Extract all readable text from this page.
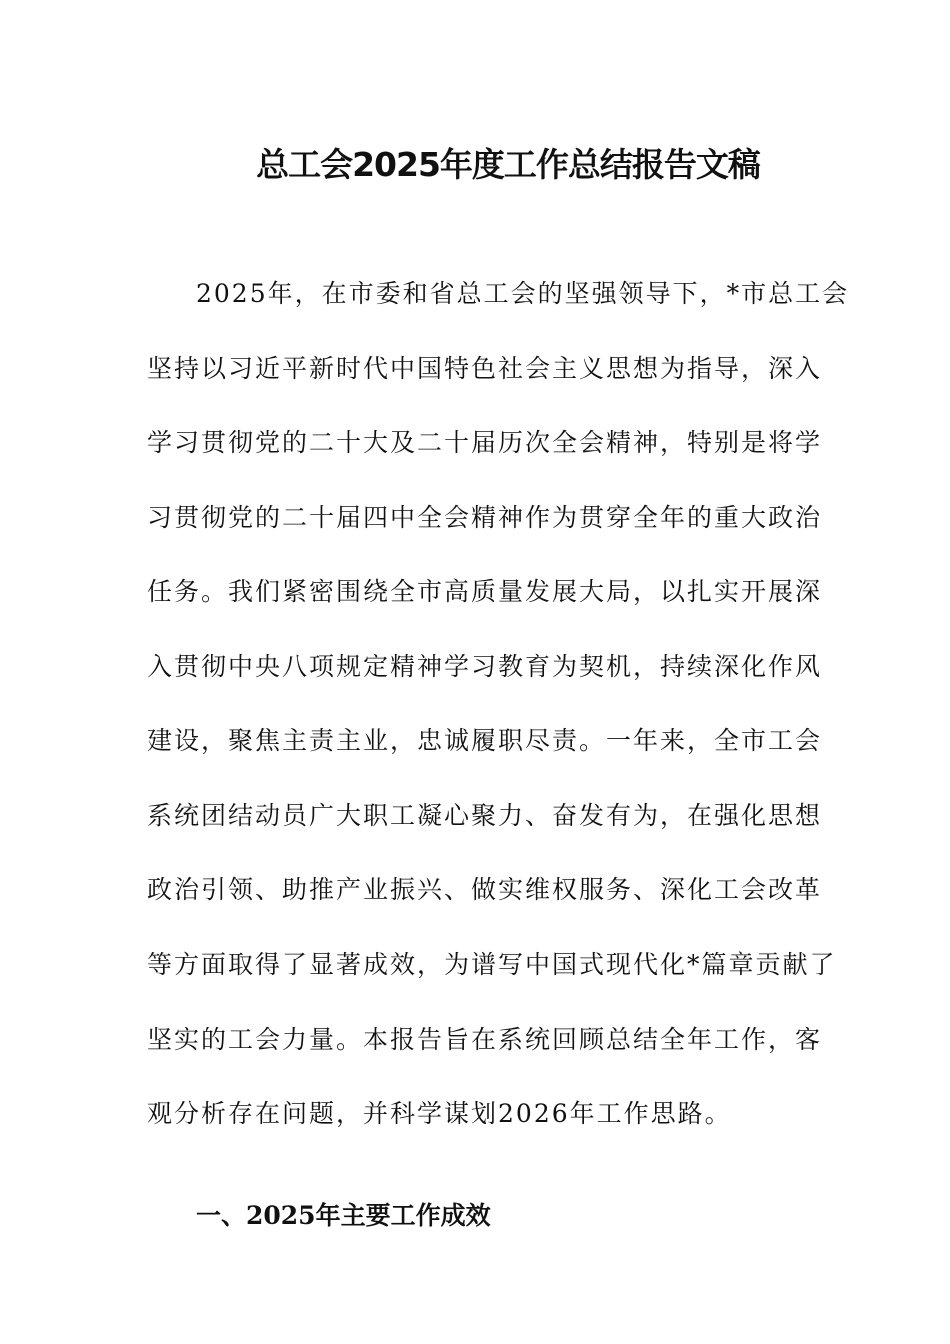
总工会2025年度工作总结报告文稿
2025年，在市委和省总工会的坚强领导下，*市总工会
坚持以习近平新时代中国特色社会主义思想为指导，深入
学习贯彻党的二十大及二十届历次全会精神，特别是将学
习贯彻党的二十届四中全会精神作为贯穿全年的重大政治
任务。我们紧密围绕全市高质量发展大局，以扎实开展深
入贯彻中央八项规定精神学习教育为契机，持续深化作风
建设，聚焦主责主业，忠诚履职尽责。一年来，全市工会
系统团结动员广大职工凝心聚力、奋发有为，在强化思想
政治引领、助推产业振兴、做实维权服务、深化工会改革
等方面取得了显著成效，为谱写中国式现代化*篇章贡献了
坚实的工会力量。本报告旨在系统回顾总结全年工作，客
观分析存在问题，并科学谋划2026年工作思路。
一、2025年主要工作成效
